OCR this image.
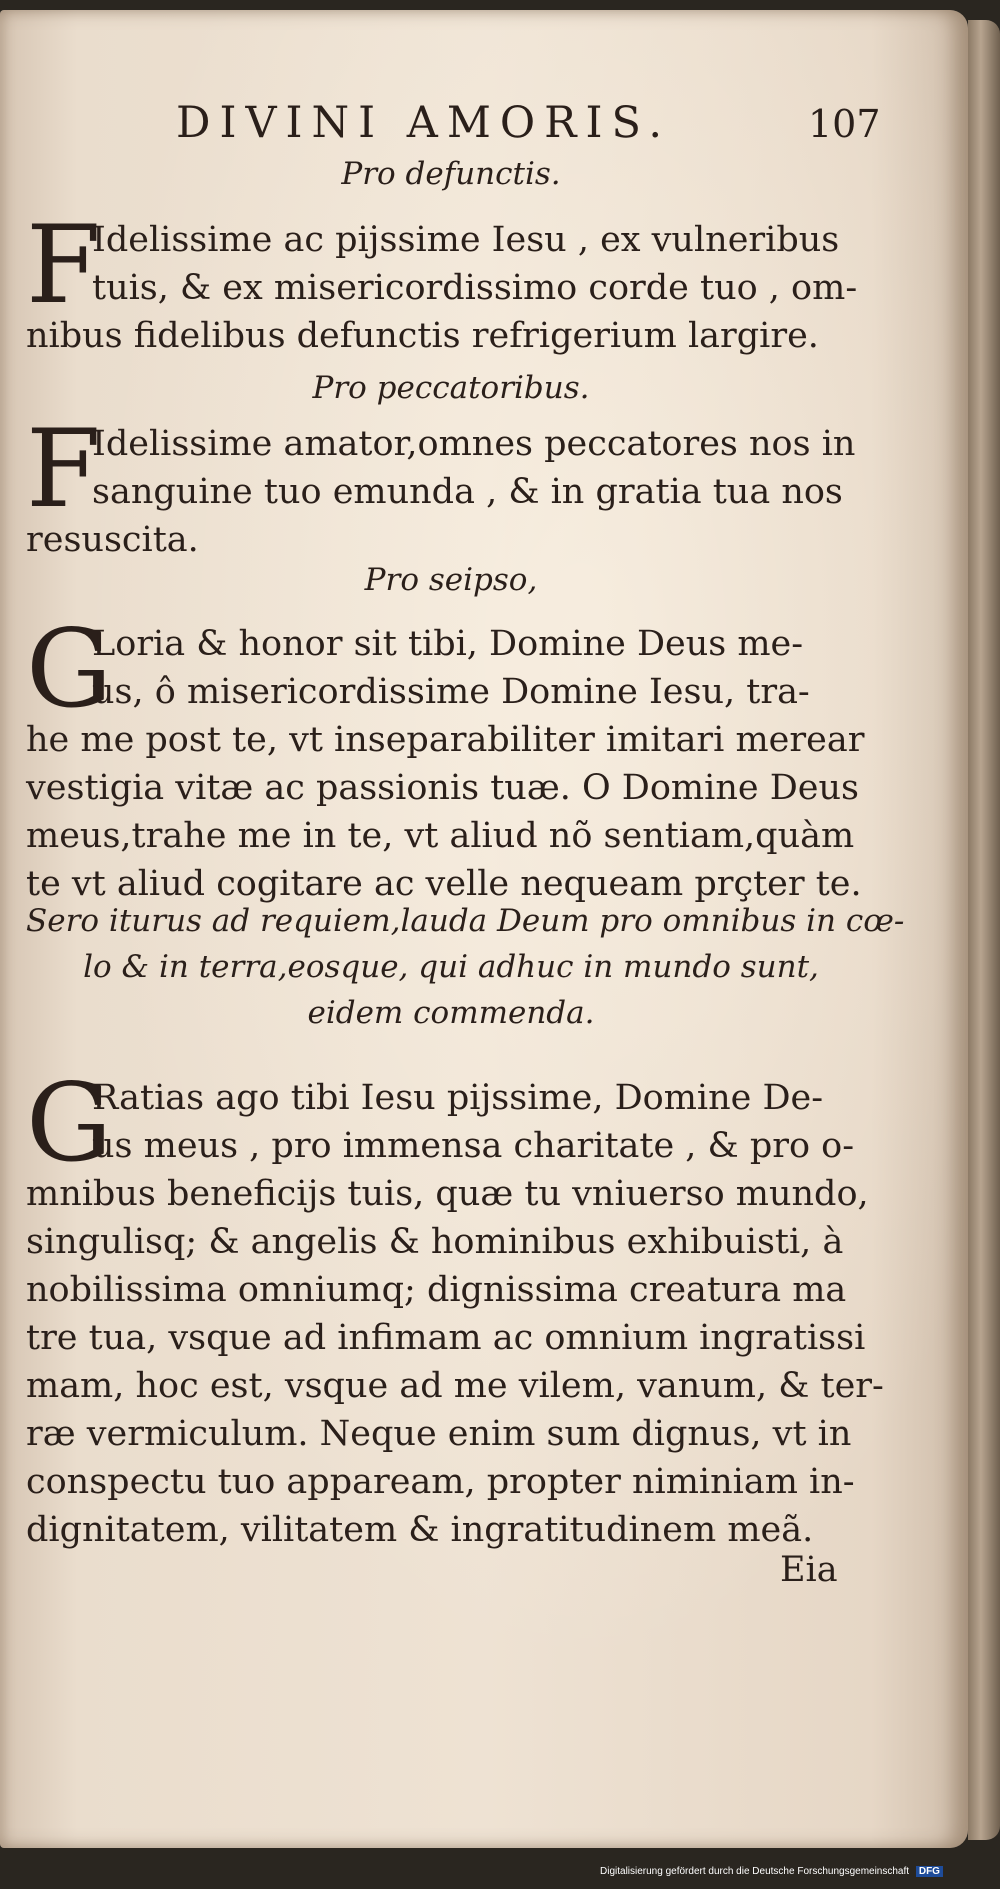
DIVINI AMORIS.	107
Pro defunctis.
F
Idelissime ac pijssime Iesu , ex vulneribus
tuis, & ex misericordissimo corde tuo , om-
nibus fidelibus defunctis refrigerium largire.
Pro peccatoribus.
F
Idelissime amator,omnes peccatores nos in
sanguine tuo emunda , & in gratia tua nos
resuscita.
Pro seipso,
G
Loria & honor sit tibi, Domine Deus me-
us, ô misericordissime Domine Iesu, tra-
he me post te, vt inseparabiliter imitari merear
vestigia vitæ ac passionis tuæ. O Domine Deus
meus,trahe me in te, vt aliud nõ sentiam,quàm
te vt aliud cogitare ac velle nequeam prçter te.
Sero iturus ad requiem,lauda Deum pro omnibus in cœ-
lo & in terra,eosque, qui adhuc in mundo sunt,
eidem commenda.
G
Ratias ago tibi Iesu pijssime, Domine De-
us meus , pro immensa charitate , & pro o-
mnibus beneficijs tuis, quæ tu vniuerso mundo,
singulisq; & angelis & hominibus exhibuisti, à
nobilissima omniumq; dignissima creatura ma
tre tua, vsque ad infimam ac omnium ingratissi
mam, hoc est, vsque ad me vilem, vanum, & ter-
ræ vermiculum. Neque enim sum dignus, vt in
conspectu tuo appaream, propter niminiam in-
dignitatem, vilitatem & ingratitudinem meã.
Eia
Digitalisierung gefördert durch die Deutsche Forschungsgemeinschaft DFG
